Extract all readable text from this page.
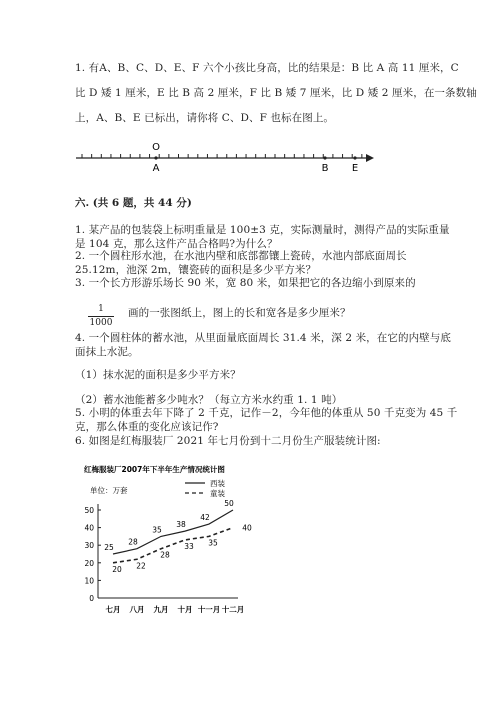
1. 有A、B、C、D、E、F 六个小孩比身高，比的结果是：B 比 A 高 11 厘米，C
比 D 矮 1 厘米，E 比 B 高 2 厘米，F 比 B 矮 7 厘米，比 D 矮 2 厘米，在一条数轴
上，A、B、E 已标出，请你将 C、D、F 也标在图上。
O
A	B E
六. (共 6 题，共 44 分)
1. 某产品的包装袋上标明重量是 100±3 克，实际测量时，测得产品的实际重量
是 104 克，那么这件产品合格吗?为什么？
2. 一个圆柱形水池，在水池内壁和底部都镶上瓷砖，水池内部底面周长
25.12m，池深 2m，镶瓷砖的面积是多少平方米？
3. 一个长方形游乐场长 90 米，宽 80 米，如果把它的各边缩小到原来的
1
1000
画的一张图纸上，图上的长和宽各是多少厘米？
4. 一个圆柱体的蓄水池，从里面量底面周长 31.4 米，深 2 米，在它的内壁与底
面抹上水泥。
（1）抹水泥的面积是多少平方米？
（2）蓄水池能蓄多少吨水？（每立方米水约重 1. 1 吨）
5. 小明的体重去年下降了 2 千克，记作－2，今年他的体重从 50 千克变为 45 千
克，那么体重的变化应该记作?
6. 如图是红梅服装厂 2021 年七月份到十二月份生产服装统计图:
红梅服装厂2007年下半年生产情况统计图
单位：万套
西装
童装
0
10
20
30
40
50
七月 八月 九月 十月 十一月 十二月
25
28
35
38
42
50
20 22
28
33 35
40
